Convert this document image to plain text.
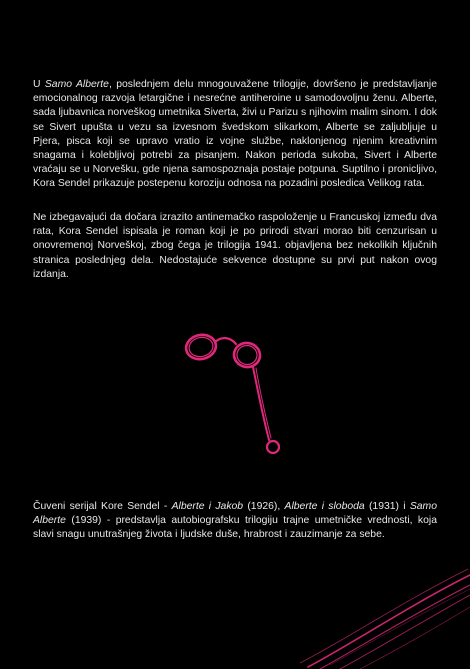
U Samo Alberte, poslednjem delu mnogouvažene trilogije, dovršeno je predstavljanje emocionalnog razvoja letargične i nesrećne antiheroine u samodovoljnu ženu. Alberte, sada ljubavnica norveškog umetnika Siverta, živi u Parizu s njihovim malim sinom. I dok se Sivert upušta u vezu sa izvesnom švedskom slikarkom, Alberte se zaljubljuje u Pjera, pisca koji se upravo vratio iz vojne službe, naklonjenog njenim kreativnim snagama i kolebljivoj potrebi za pisanjem. Nakon perioda sukoba, Sivert i Alberte vraćaju se u Norvešku, gde njena samospoznaja postaje potpuna. Suptilno i pronicljivo, Kora Sendel prikazuje postepenu koroziju odnosa na pozadini posledica Velikog rata.

Ne izbegavajući da dočara izrazito antinemačko raspoloženje u Francuskoj između dva rata, Kora Sendel ispisala je roman koji je po prirodi stvari morao biti cenzurisan u onovremenoj Norveškoj, zbog čega je trilogija 1941. objavljena bez nekolikih ključnih stranica poslednjeg dela. Nedostajuće sekvence dostupne su prvi put nakon ovog izdanja.

Čuveni serijal Kore Sendel - Alberte i Jakob (1926), Alberte i sloboda (1931) i Samo Alberte (1939) - predstavlja autobiografsku trilogiju trajne umetničke vrednosti, koja slavi snagu unutrašnjeg života i ljudske duše, hrabrost i zauzimanje za sebe.
